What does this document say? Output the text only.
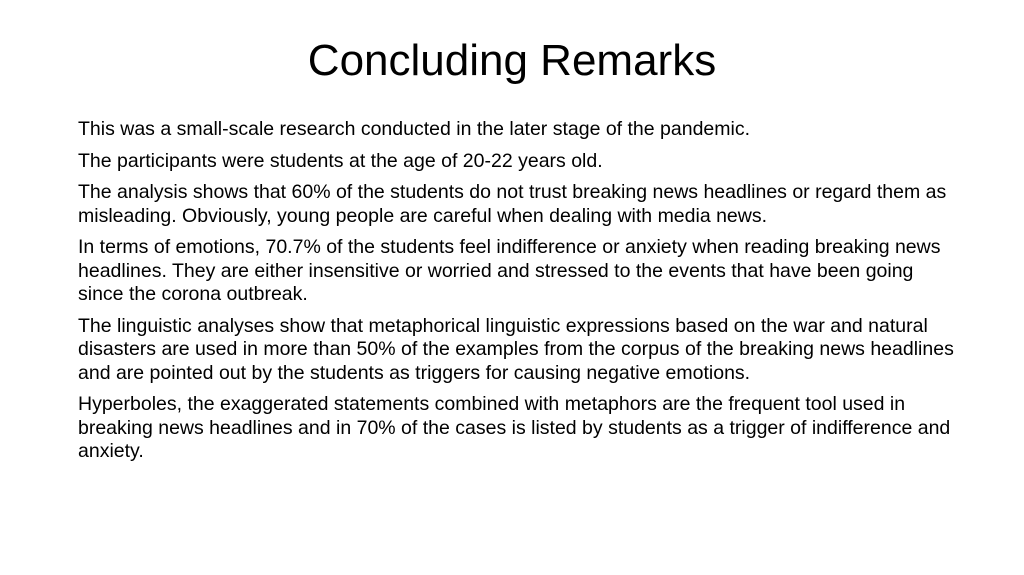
Concluding Remarks
This was a small-scale research conducted in the later stage of the pandemic.
The participants were students at the age of 20-22 years old.
The analysis shows that 60% of the students do not trust breaking news headlines or regard them as misleading. Obviously, young people are careful when dealing with media news.
In terms of emotions, 70.7% of the students feel indifference or anxiety when reading breaking news headlines. They are either insensitive or worried and stressed to the events that have been going since the corona outbreak.
The linguistic analyses show that metaphorical linguistic expressions based on the war and natural disasters are used in more than 50% of the examples from the corpus of the breaking news headlines and are pointed out by the students as triggers for causing negative emotions.
Hyperboles, the exaggerated statements combined with metaphors are the frequent tool used in breaking news headlines and in 70% of the cases is listed by students as a trigger of indifference and anxiety.
